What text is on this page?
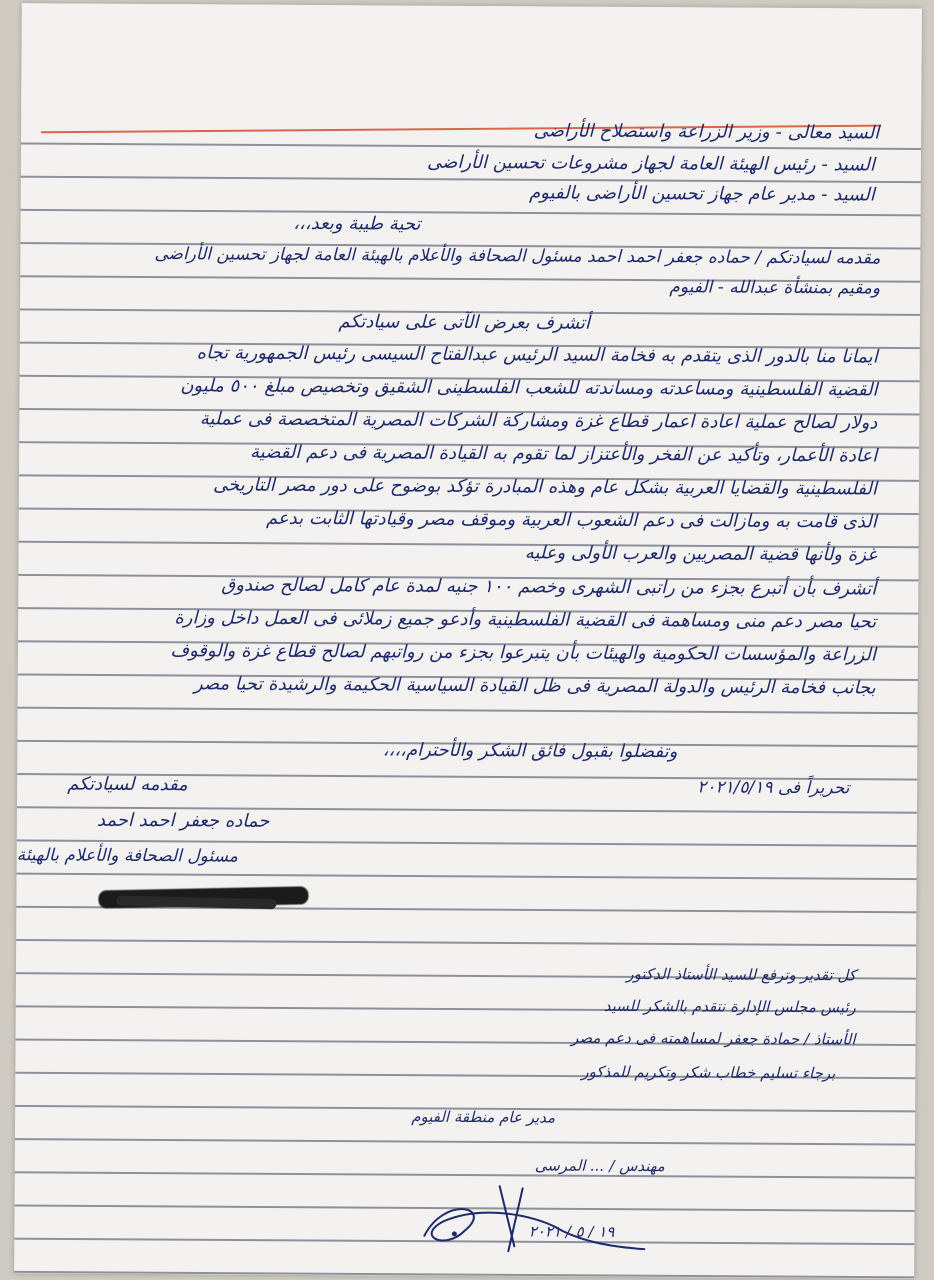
السيد معالى - وزير الزراعة واستصلاح الأراضى
السيد - رئيس الهيئة العامة لجهاز مشروعات تحسين الأراضى
السيد - مدير عام جهاز تحسين الأراضى بالفيوم
تحية طيبة وبعد،،،
مقدمه لسيادتكم / حماده جعفر احمد احمد مسئول الصحافة والأعلام بالهيئة العامة لجهاز تحسين الأراضى
ومقيم بمنشأة عبدالله - الفيوم
أتشرف بعرض الآتى على سيادتكم
ايمانا منا بالدور الذى يتقدم به فخامة السيد الرئيس عبدالفتاح السيسى رئيس الجمهورية تجاه
القضية الفلسطينية ومساعدته ومساندته للشعب الفلسطينى الشقيق وتخصيص مبلغ ٥٠٠ مليون
دولار لصالح عملية اعادة اعمار قطاع غزة ومشاركة الشركات المصرية المتخصصة فى عملية
اعادة الأعمار، وتأكيد عن الفخر والأعتزاز لما تقوم به القيادة المصرية فى دعم القضية
الفلسطينية والقضايا العربية بشكل عام وهذه المبادرة تؤكد بوضوح على دور مصر التاريخى
الذى قامت به ومازالت فى دعم الشعوب العربية وموقف مصر وقيادتها الثابت بدعم
غزة ولأنها قضية المصريين والعرب الأولى وعليه
أتشرف بأن أتبرع بجزء من راتبى الشهرى وخصم ١٠٠ جنيه لمدة عام كامل لصالح صندوق
تحيا مصر دعم منى ومساهمة فى القضية الفلسطينية وأدعو جميع زملائى فى العمل داخل وزارة
الزراعة والمؤسسات الحكومية والهيئات بأن يتبرعوا بجزء من رواتبهم لصالح قطاع غزة والوقوف
بجانب فخامة الرئيس والدولة المصرية فى ظل القيادة السياسية الحكيمة والرشيدة تحيا مصر
وتفضلوا بقبول فائق الشكر والأحترام،،،،
تحريراً فى ٢٠٢١/٥/١٩
مقدمه لسيادتكم
حماده جعفر احمد احمد
مسئول الصحافة والأعلام بالهيئة
كل تقدير وترفع للسيد الأستاذ الدكتور
رئيس مجلس الإدارة نتقدم بالشكر للسيد
الأستاذ / حمادة جعفر لمساهمته فى دعم مصر
برجاء تسليم خطاب شكر وتكريم للمذكور
مدير عام منطقة الفيوم
مهندس / ... المرسى
١٩ / ٥ / ٢٠٢١
